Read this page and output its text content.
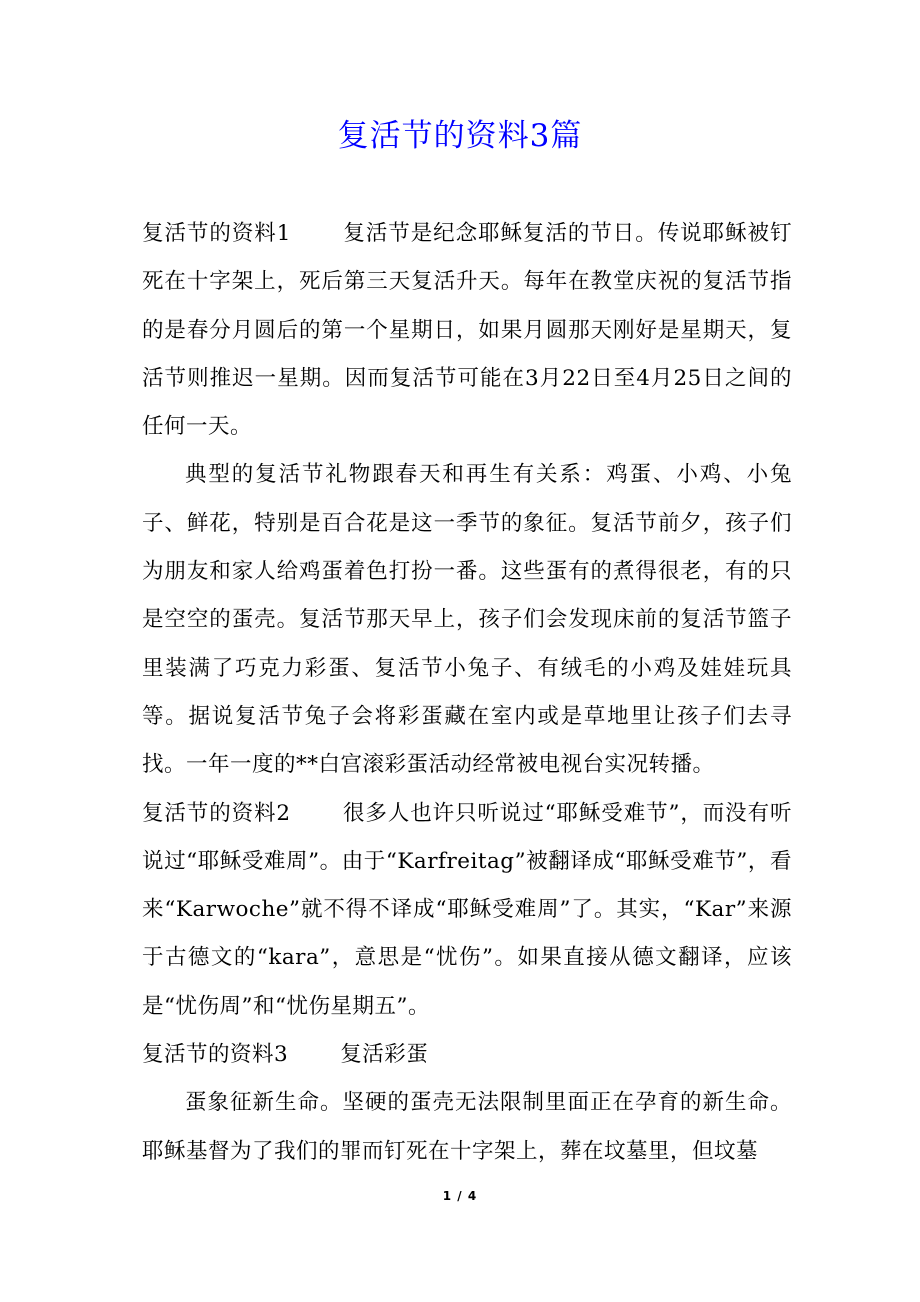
复活节的资料3篇

复活节的资料1 复活节是纪念耶稣复活的节日。传说耶稣被钉死在十字架上，死后第三天复活升天。每年在教堂庆祝的复活节指的是春分月圆后的第一个星期日，如果月圆那天刚好是星期天，复活节则推迟一星期。因而复活节可能在3月22日至4月25日之间的任何一天。

典型的复活节礼物跟春天和再生有关系：鸡蛋、小鸡、小兔子、鲜花，特别是百合花是这一季节的象征。复活节前夕，孩子们为朋友和家人给鸡蛋着色打扮一番。这些蛋有的煮得很老，有的只是空空的蛋壳。复活节那天早上，孩子们会发现床前的复活节篮子里装满了巧克力彩蛋、复活节小兔子、有绒毛的小鸡及娃娃玩具等。据说复活节兔子会将彩蛋藏在室内或是草地里让孩子们去寻找。一年一度的**白宫滚彩蛋活动经常被电视台实况转播。

复活节的资料2 很多人也许只听说过“耶稣受难节”，而没有听说过“耶稣受难周”。由于“Karfreitag”被翻译成“耶稣受难节”，看来“Karwoche”就不得不译成“耶稣受难周”了。其实，“Kar”来源于古德文的“kara”，意思是“忧伤”。如果直接从德文翻译，应该是“忧伤周”和“忧伤星期五”。

复活节的资料3 复活彩蛋

蛋象征新生命。坚硬的蛋壳无法限制里面正在孕育的新生命。耶稣基督为了我们的罪而钉死在十字架上，葬在坟墓里，但坟墓

1 / 4
